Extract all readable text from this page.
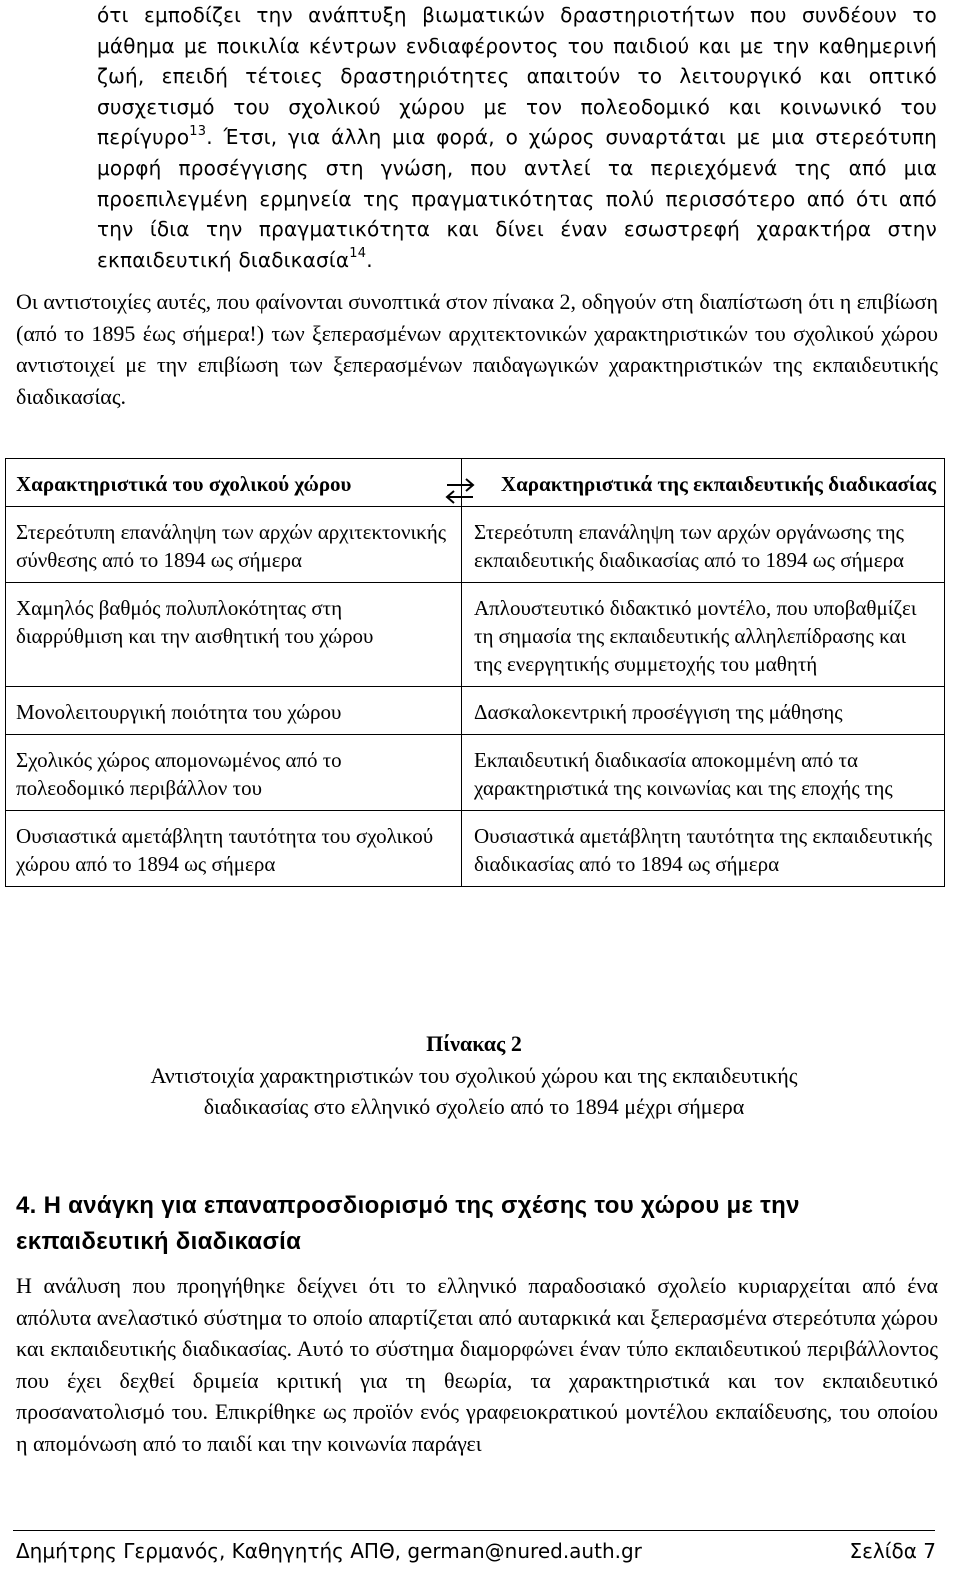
ότι εμποδίζει την ανάπτυξη βιωματικών δραστηριοτήτων που συνδέουν το μάθημα με ποικιλία κέντρων ενδιαφέροντος του παιδιού και με την καθημερινή ζωή, επειδή τέτοιες δραστηριότητες απαιτούν το λειτουργικό και οπτικό συσχετισμό του σχολικού χώρου με τον πολεοδομικό και κοινωνικό του περίγυρο$^{13}$. Έτσι, για άλλη μια φορά, ο χώρος συναρτάται με μια στερεότυπη μορφή προσέγγισης στη γνώση, που αντλεί τα περιεχόμενά της από μια προεπιλεγμένη ερμηνεία της πραγματικότητας πολύ περισσότερο από ότι από την ίδια την πραγματικότητα και δίνει έναν εσωστρεφή χαρακτήρα στην εκπαιδευτική διαδικασία$^{14}$.

Οι αντιστοιχίες αυτές, που φαίνονται συνοπτικά στον πίνακα 2, οδηγούν στη διαπίστωση ότι η επιβίωση (από το 1895 έως σήμερα!) των ξεπερασμένων αρχιτεκτονικών χαρακτηριστικών του σχολικού χώρου αντιστοιχεί με την επιβίωση των ξεπερασμένων παιδαγωγικών χαρακτηριστικών της εκπαιδευτικής διαδικασίας.

Χαρακτηριστικά του σχολικού χώρου	Χαρακτηριστικά της εκπαιδευτικής διαδικασίας
Στερεότυπη επανάληψη των αρχών αρχιτεκτονικής σύνθεσης από το 1894 ως σήμερα	Στερεότυπη επανάληψη των αρχών οργάνωσης της εκπαιδευτικής διαδικασίας από το 1894 ως σήμερα
Χαμηλός βαθμός πολυπλοκότητας στη διαρρύθμιση και την αισθητική του χώρου	Απλουστευτικό διδακτικό μοντέλο, που υποβαθμίζει τη σημασία της εκπαιδευτικής αλληλεπίδρασης και της ενεργητικής συμμετοχής του μαθητή
Μονολειτουργική ποιότητα του χώρου	Δασκαλοκεντρική προσέγγιση της μάθησης
Σχολικός χώρος απομονωμένος από το πολεοδομικό περιβάλλον του	Εκπαιδευτική διαδικασία αποκομμένη από τα χαρακτηριστικά της κοινωνίας και της εποχής της
Ουσιαστικά αμετάβλητη ταυτότητα του σχολικού χώρου από το 1894 ως σήμερα	Ουσιαστικά αμετάβλητη ταυτότητα της εκπαιδευτικής διαδικασίας από το 1894 ως σήμερα

Πίνακας 2

Αντιστοιχία χαρακτηριστικών του σχολικού χώρου και της εκπαιδευτικής

διαδικασίας στο ελληνικό σχολείο από το 1894 μέχρι σήμερα

4. Η ανάγκη για επαναπροσδιορισμό της σχέσης του χώρου με την εκπαιδευτική διαδικασία

Η ανάλυση που προηγήθηκε δείχνει ότι το ελληνικό παραδοσιακό σχολείο κυριαρχείται από ένα απόλυτα ανελαστικό σύστημα το οποίο απαρτίζεται από αυταρκικά και ξεπερασμένα στερεότυπα χώρου και εκπαιδευτικής διαδικασίας. Αυτό το σύστημα διαμορφώνει έναν τύπο εκπαιδευτικού περιβάλλοντος που έχει δεχθεί δριμεία κριτική για τη θεωρία, τα χαρακτηριστικά και τον εκπαιδευτικό προσανατολισμό του. Επικρίθηκε ως προϊόν ενός γραφειοκρατικού μοντέλου εκπαίδευσης, του οποίου η απομόνωση από το παιδί και την κοινωνία παράγει

Δημήτρης Γερμανός, Καθηγητής ΑΠΘ, german@nured.auth.gr	Σελίδα 7
